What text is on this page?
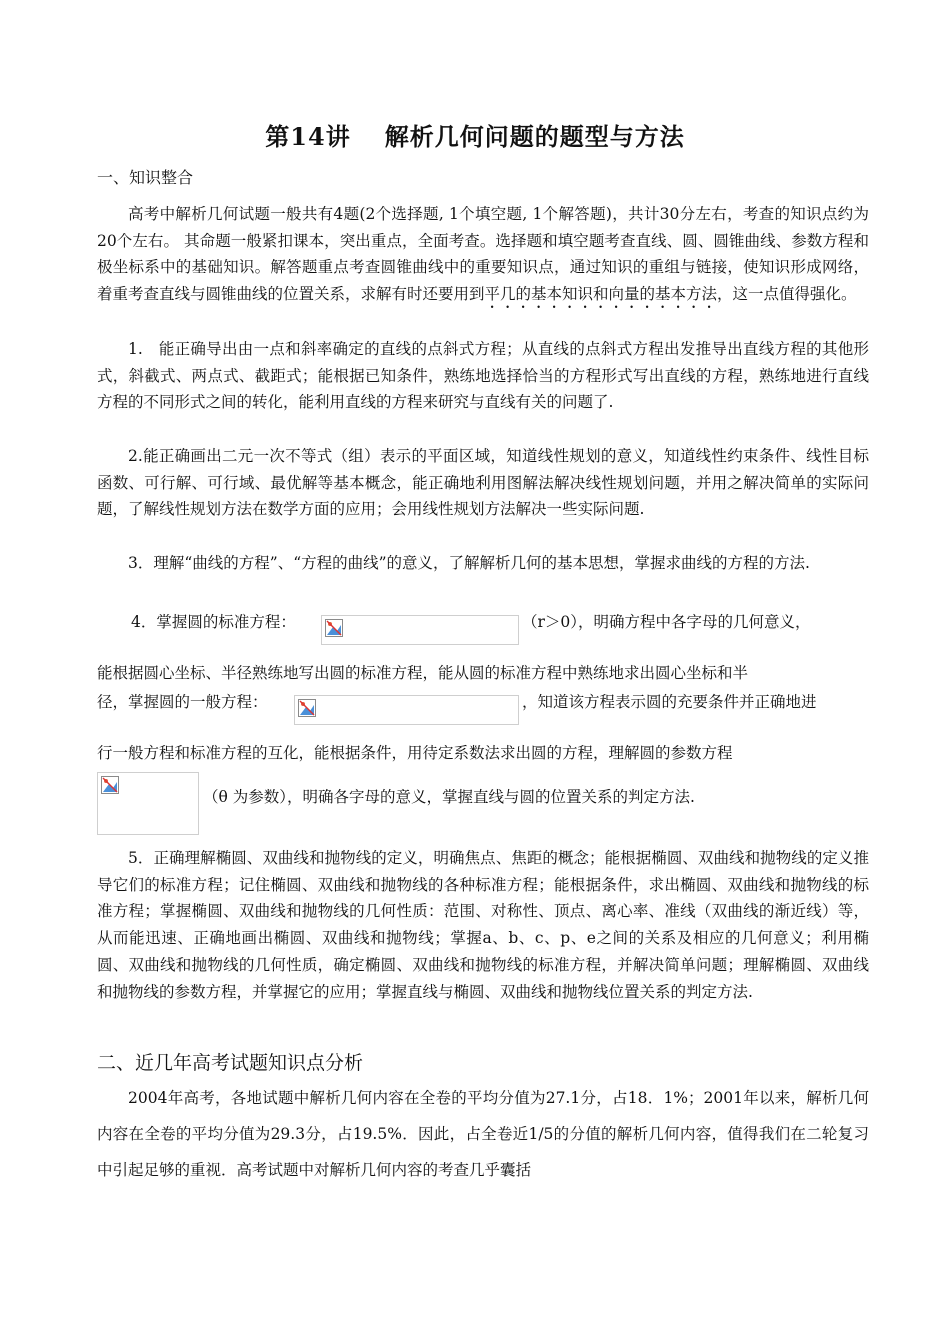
第14讲 解析几何问题的题型与方法
一、知识整合
高考中解析几何试题一般共有4题(2个选择题, 1个填空题, 1个解答题)，共计30分左右，考查的知识点约为20个左右。 其命题一般紧扣课本，突出重点，全面考查。选择题和填空题考查直线、圆、圆锥曲线、参数方程和极坐标系中的基础知识。解答题重点考查圆锥曲线中的重要知识点，通过知识的重组与链接，使知识形成网络，着重考查直线与圆锥曲线的位置关系，求解有时还要用到平几的基本知识和向量的基本方法，这一点值得强化。
1.　能正确导出由一点和斜率确定的直线的点斜式方程；从直线的点斜式方程出发推导出直线方程的其他形式，斜截式、两点式、截距式；能根据已知条件，熟练地选择恰当的方程形式写出直线的方程，熟练地进行直线方程的不同形式之间的转化，能利用直线的方程来研究与直线有关的问题了.
2.能正确画出二元一次不等式（组）表示的平面区域，知道线性规划的意义，知道线性约束条件、线性目标函数、可行解、可行域、最优解等基本概念，能正确地利用图解法解决线性规划问题，并用之解决简单的实际问题，了解线性规划方法在数学方面的应用；会用线性规划方法解决一些实际问题.
3．理解“曲线的方程”、“方程的曲线”的意义，了解解析几何的基本思想，掌握求曲线的方程的方法.
4．掌握圆的标准方程：	（r＞0），明确方程中各字母的几何意义，
能根据圆心坐标、半径熟练地写出圆的标准方程，能从圆的标准方程中熟练地求出圆心坐标和半
径，掌握圆的一般方程：	，知道该方程表示圆的充要条件并正确地进
行一般方程和标准方程的互化，能根据条件，用待定系数法求出圆的方程，理解圆的参数方程
（θ 为参数），明确各字母的意义，掌握直线与圆的位置关系的判定方法.
5．正确理解椭圆、双曲线和抛物线的定义，明确焦点、焦距的概念；能根据椭圆、双曲线和抛物线的定义推导它们的标准方程；记住椭圆、双曲线和抛物线的各种标准方程；能根据条件，求出椭圆、双曲线和抛物线的标准方程；掌握椭圆、双曲线和抛物线的几何性质：范围、对称性、顶点、离心率、准线（双曲线的渐近线）等，从而能迅速、正确地画出椭圆、双曲线和抛物线；掌握a、b、c、p、e之间的关系及相应的几何意义；利用椭圆、双曲线和抛物线的几何性质，确定椭圆、双曲线和抛物线的标准方程，并解决简单问题；理解椭圆、双曲线和抛物线的参数方程，并掌握它的应用；掌握直线与椭圆、双曲线和抛物线位置关系的判定方法.
二、近几年高考试题知识点分析
2004年高考，各地试题中解析几何内容在全卷的平均分值为27.1分，占18．1%；2001年以来，解析几何内容在全卷的平均分值为29.3分，占19.5%．因此，占全卷近1/5的分值的解析几何内容，值得我们在二轮复习中引起足够的重视．高考试题中对解析几何内容的考查几乎囊括
